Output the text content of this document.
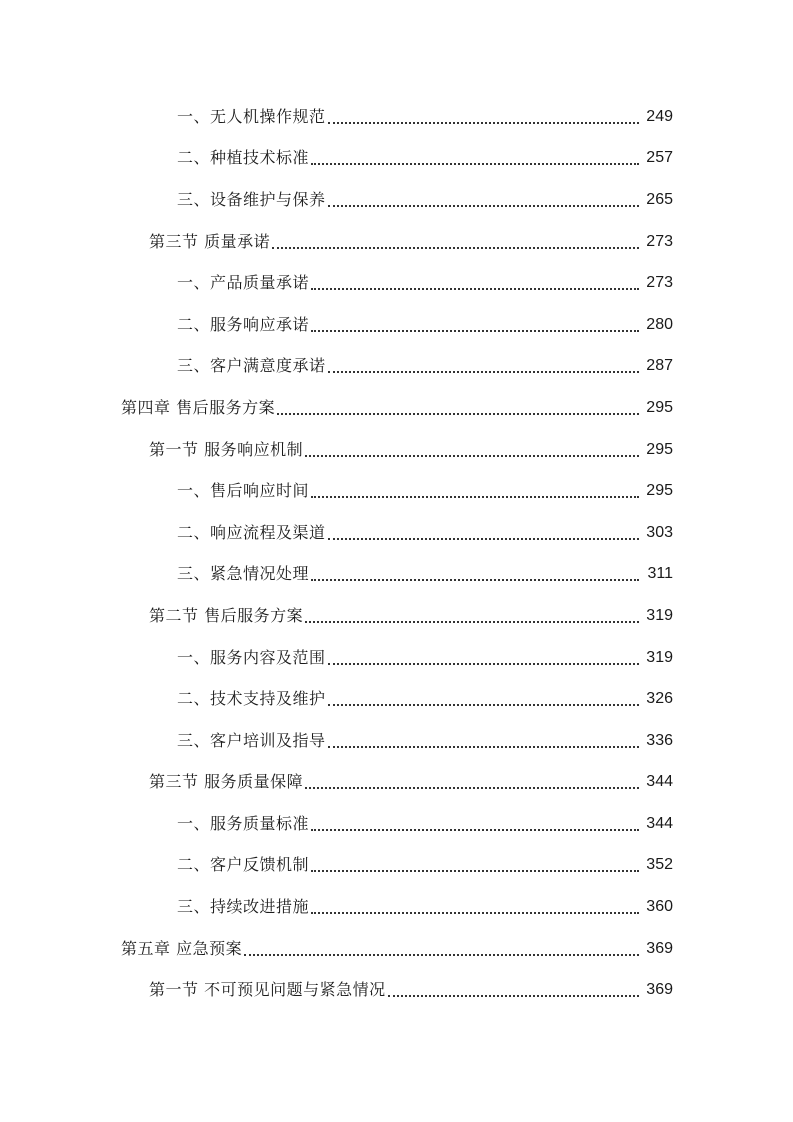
一、无人机操作规范	249
二、种植技术标准	257
三、设备维护与保养	265
第三节 质量承诺	273
一、产品质量承诺	273
二、服务响应承诺	280
三、客户满意度承诺	287
第四章 售后服务方案	295
第一节 服务响应机制	295
一、售后响应时间	295
二、响应流程及渠道	303
三、紧急情况处理	311
第二节 售后服务方案	319
一、服务内容及范围	319
二、技术支持及维护	326
三、客户培训及指导	336
第三节 服务质量保障	344
一、服务质量标准	344
二、客户反馈机制	352
三、持续改进措施	360
第五章 应急预案	369
第一节 不可预见问题与紧急情况	369
